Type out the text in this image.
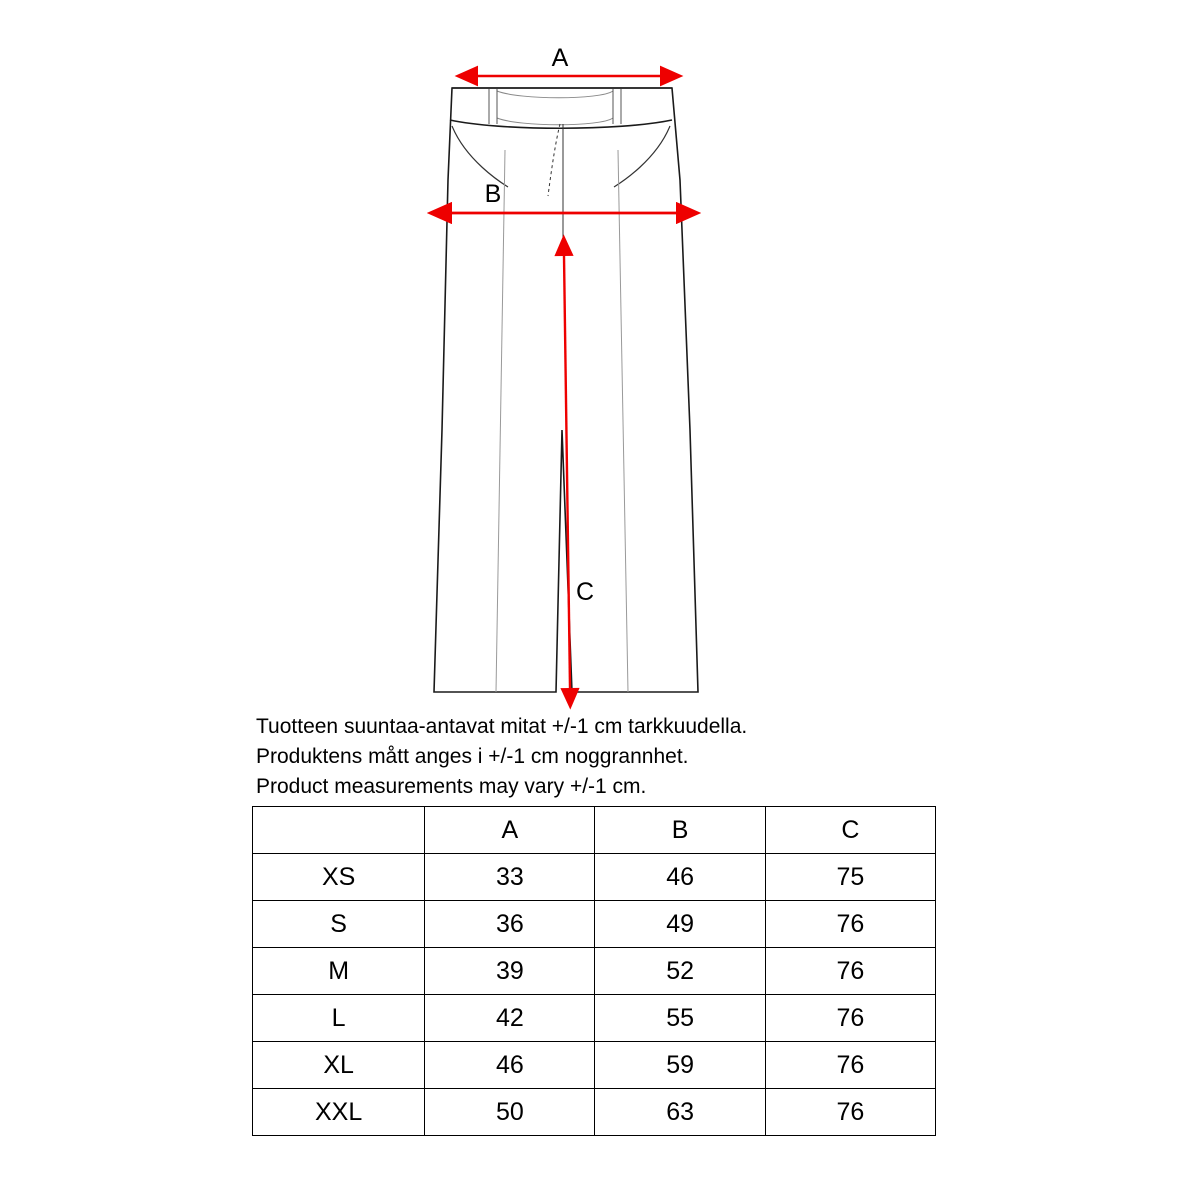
A
B
C
Tuotteen suuntaa-antavat mitat +/-1 cm tarkkuudella.
Produktens mått anges i +/-1 cm noggrannhet.
Product measurements may vary +/-1 cm.
	A	B	C
XS	33	46	75
S	36	49	76
M	39	52	76
L	42	55	76
XL	46	59	76
XXL	50	63	76
